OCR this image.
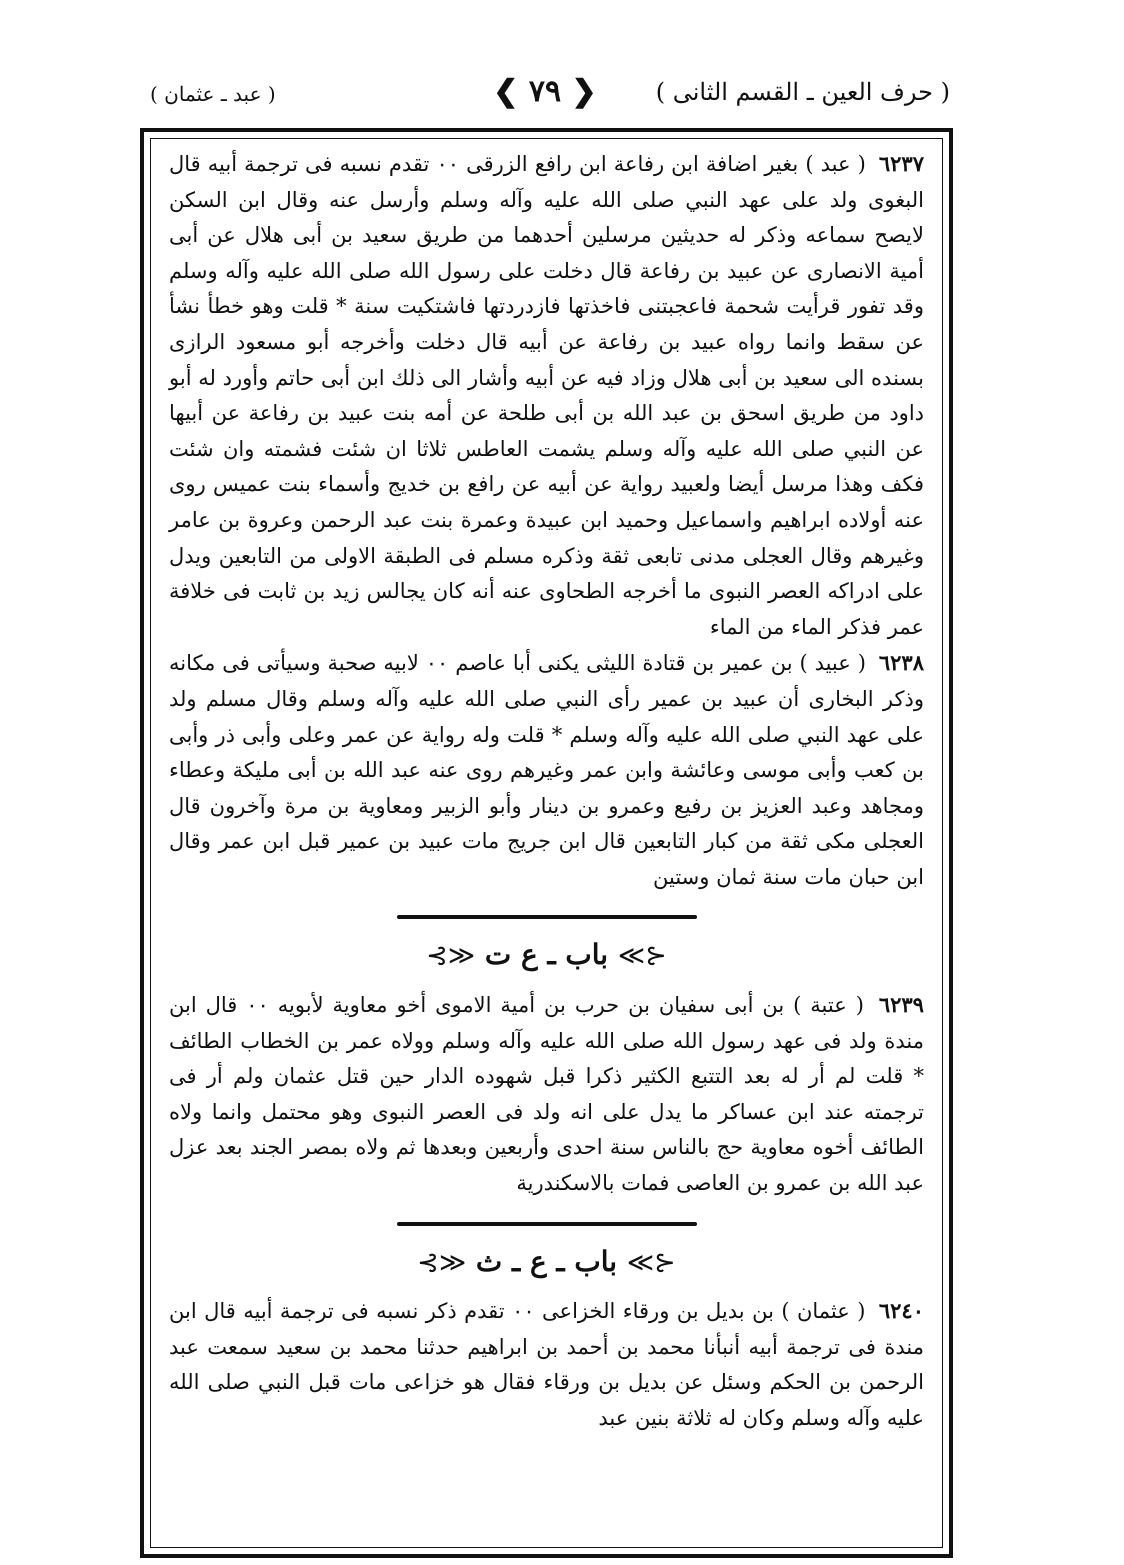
( حرف العين ـ القسم الثانى )
❮ ٧٩ ❯
( عبد ـ عثمان )

٦٢٣٧ ( عبد ) بغير اضافة ابن رفاعة ابن رافع الزرقى ٠٠ تقدم نسبه فى ترجمة أبيه قال البغوى ولد على عهد النبي صلى الله عليه وآله وسلم وأرسل عنه وقال ابن السكن لايصح سماعه وذكر له حديثين مرسلين أحدهما من طريق سعيد بن أبى هلال عن أبى أمية الانصارى عن عبيد بن رفاعة قال دخلت على رسول الله صلى الله عليه وآله وسلم وقد تفور قرأيت شحمة فاعجبتنى فاخذتها فازدردتها فاشتكيت سنة * قلت وهو خطأ نشأ عن سقط وانما رواه عبيد بن رفاعة عن أبيه قال دخلت وأخرجه أبو مسعود الرازى بسنده الى سعيد بن أبى هلال وزاد فيه عن أبيه وأشار الى ذلك ابن أبى حاتم وأورد له أبو داود من طريق اسحق بن عبد الله بن أبى طلحة عن أمه بنت عبيد بن رفاعة عن أبيها عن النبي صلى الله عليه وآله وسلم يشمت العاطس ثلاثا ان شئت فشمته وان شئت فكف وهذا مرسل أيضا ولعبيد رواية عن أبيه عن رافع بن خديج وأسماء بنت عميس روى عنه أولاده ابراهيم واسماعيل وحميد ابن عبيدة وعمرة بنت عبد الرحمن وعروة بن عامر وغيرهم وقال العجلى مدنى تابعى ثقة وذكره مسلم فى الطبقة الاولى من التابعين ويدل على ادراكه العصر النبوى ما أخرجه الطحاوى عنه أنه كان يجالس زيد بن ثابت فى خلافة عمر فذكر الماء من الماء

٦٢٣٨ ( عبيد ) بن عمير بن قتادة الليثى يكنى أبا عاصم ٠٠ لابيه صحبة وسيأتى فى مكانه وذكر البخارى أن عبيد بن عمير رأى النبي صلى الله عليه وآله وسلم وقال مسلم ولد على عهد النبي صلى الله عليه وآله وسلم * قلت وله رواية عن عمر وعلى وأبى ذر وأبى بن كعب وأبى موسى وعائشة وابن عمر وغيرهم روى عنه عبد الله بن أبى مليكة وعطاء ومجاهد وعبد العزيز بن رفيع وعمرو بن دينار وأبو الزبير ومعاوية بن مرة وآخرون قال العجلى مكى ثقة من كبار التابعين قال ابن جريج مات عبيد بن عمير قبل ابن عمر وقال ابن حبان مات سنة ثمان وستين

⊰≫ باب ـ ع ت ≪⊱

٦٢٣٩ ( عتبة ) بن أبى سفيان بن حرب بن أمية الاموى أخو معاوية لأبويه ٠٠ قال ابن مندة ولد فى عهد رسول الله صلى الله عليه وآله وسلم وولاه عمر بن الخطاب الطائف * قلت لم أر له بعد التتبع الكثير ذكرا قبل شهوده الدار حين قتل عثمان ولم أر فى ترجمته عند ابن عساكر ما يدل على انه ولد فى العصر النبوى وهو محتمل وانما ولاه الطائف أخوه معاوية حج بالناس سنة احدى وأربعين وبعدها ثم ولاه بمصر الجند بعد عزل عبد الله بن عمرو بن العاصى فمات بالاسكندرية

⊰≫ باب ـ ع ـ ث ≪⊱

٦٢٤٠ ( عثمان ) بن بديل بن ورقاء الخزاعى ٠٠ تقدم ذكر نسبه فى ترجمة أبيه قال ابن مندة فى ترجمة أبيه أنبأنا محمد بن أحمد بن ابراهيم حدثنا محمد بن سعيد سمعت عبد الرحمن بن الحكم وسئل عن بديل بن ورقاء فقال هو خزاعى مات قبل النبي صلى الله عليه وآله وسلم وكان له ثلاثة بنين عبد
